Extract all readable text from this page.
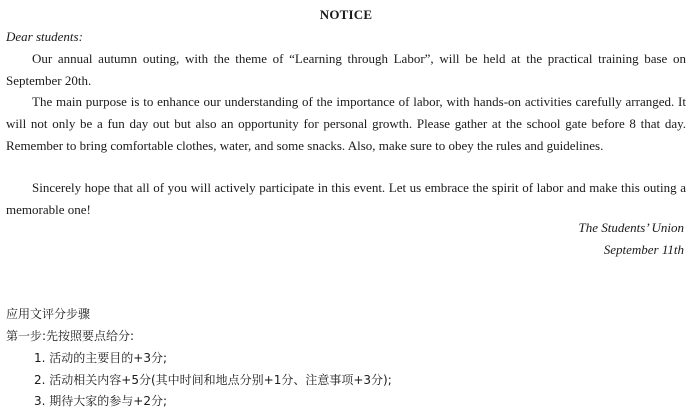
NOTICE
Dear students:

Our annual autumn outing, with the theme of “Learning through Labor”, will be held at the practical training base on September 20th.

The main purpose is to enhance our understanding of the importance of labor, with hands-on activities carefully arranged. It will not only be a fun day out but also an opportunity for personal growth. Please gather at the school gate before 8 that day. Remember to bring comfortable clothes, water, and some snacks. Also, make sure to obey the rules and guidelines.

Sincerely hope that all of you will actively participate in this event. Let us embrace the spirit of labor and make this outing a memorable one!

The Students’ Union
September 11th
应用文评分步骤
第一步:先按照要点给分:
1. 活动的主要目的+3分;
2. 活动相关内容+5分(其中时间和地点分别+1分、注意事项+3分);
3. 期待大家的参与+2分;
